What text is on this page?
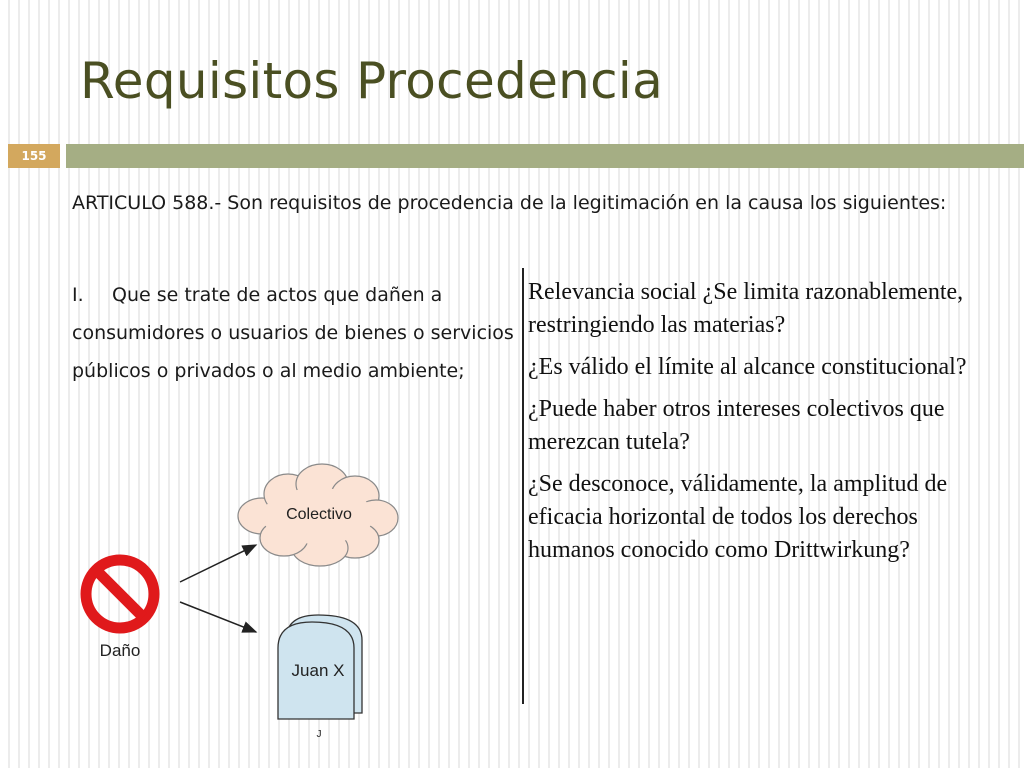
Requisitos Procedencia
155
ARTICULO 588.- Son requisitos de procedencia de la legitimación en la causa los siguientes:
I. Que se trate de actos que dañen a consumidores o usuarios de bienes o servicios públicos o privados o al medio ambiente;

Relevancia social ¿Se limita razonablemente, restringiendo las materias?

¿Es válido el límite al alcance constitucional?

¿Puede haber otros intereses colectivos que merezcan tutela?

¿Se desconoce, válidamente, la amplitud de eficacia horizontal de todos los derechos humanos conocido como Drittwirkung?

Daño
Colectivo
Juan X
J
